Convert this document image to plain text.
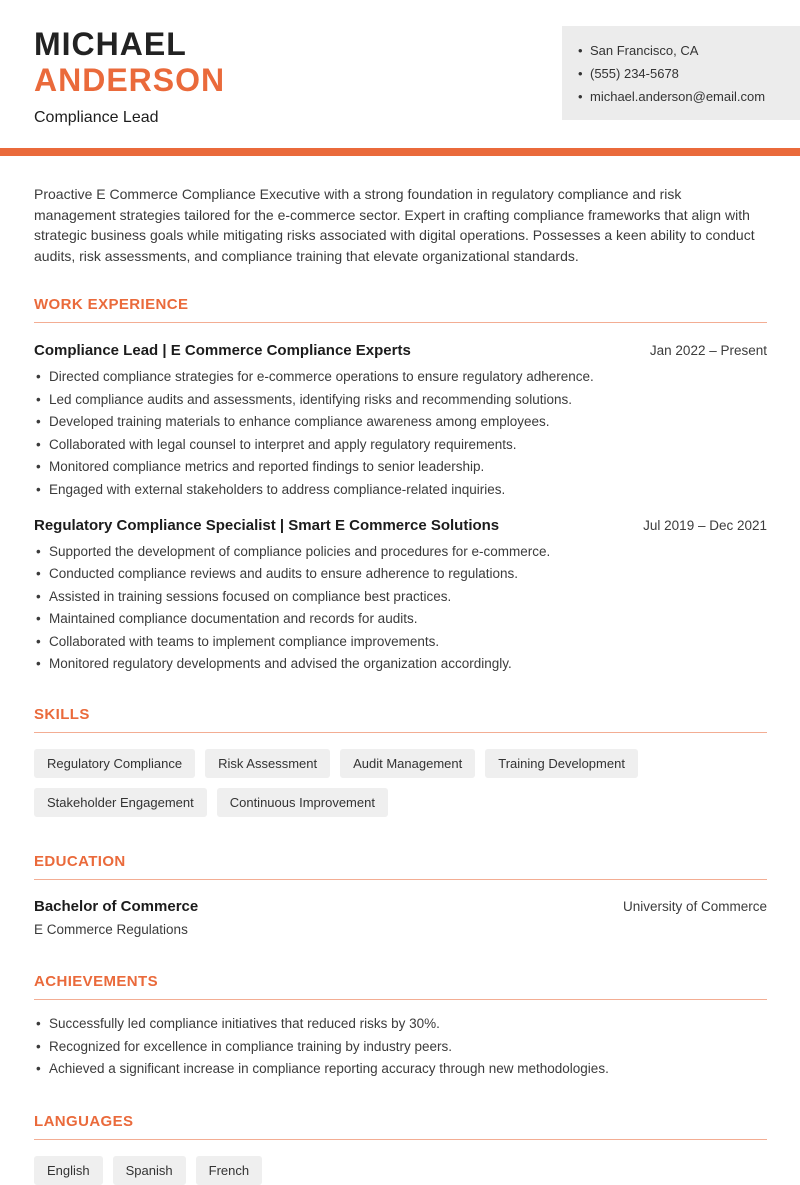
MICHAEL
ANDERSON
Compliance Lead
• San Francisco, CA
• (555) 234-5678
• michael.anderson@email.com

Proactive E Commerce Compliance Executive with a strong foundation in regulatory compliance and risk management strategies tailored for the e-commerce sector. Expert in crafting compliance frameworks that align with strategic business goals while mitigating risks associated with digital operations. Possesses a keen ability to conduct audits, risk assessments, and compliance training that elevate organizational standards.

WORK EXPERIENCE
Compliance Lead | E Commerce Compliance Experts	Jan 2022 – Present
• Directed compliance strategies for e-commerce operations to ensure regulatory adherence.
• Led compliance audits and assessments, identifying risks and recommending solutions.
• Developed training materials to enhance compliance awareness among employees.
• Collaborated with legal counsel to interpret and apply regulatory requirements.
• Monitored compliance metrics and reported findings to senior leadership.
• Engaged with external stakeholders to address compliance-related inquiries.
Regulatory Compliance Specialist | Smart E Commerce Solutions	Jul 2019 – Dec 2021
• Supported the development of compliance policies and procedures for e-commerce.
• Conducted compliance reviews and audits to ensure adherence to regulations.
• Assisted in training sessions focused on compliance best practices.
• Maintained compliance documentation and records for audits.
• Collaborated with teams to implement compliance improvements.
• Monitored regulatory developments and advised the organization accordingly.
SKILLS
Regulatory Compliance	Risk Assessment	Audit Management	Training Development
Stakeholder Engagement	Continuous Improvement
EDUCATION
Bachelor of Commerce	University of Commerce
E Commerce Regulations
ACHIEVEMENTS
• Successfully led compliance initiatives that reduced risks by 30%.
• Recognized for excellence in compliance training by industry peers.
• Achieved a significant increase in compliance reporting accuracy through new methodologies.
LANGUAGES
English	Spanish	French
